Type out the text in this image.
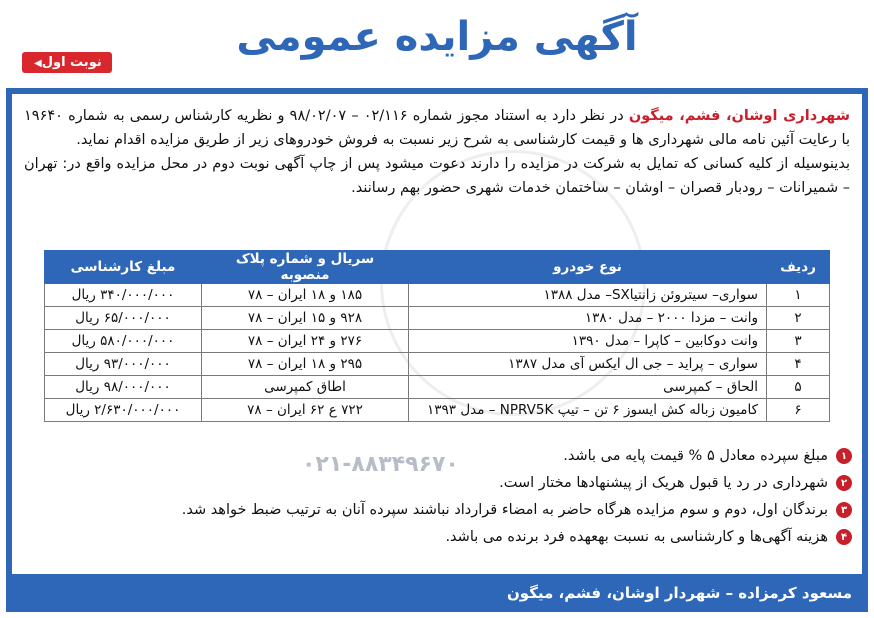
آگهی مزایده عمومی
نوبت اول◀

شهرداری اوشان، فشم، میگون در نظر دارد به استناد مجوز شماره ۰۲/۱۱۶ – ۹۸/۰۲/۰۷ و نظریه کارشناس رسمی به شماره ۱۹۶۴۰ با رعایت آئین نامه مالی شهرداری ها و قیمت کارشناسی به شرح زیر نسبت به فروش خودروهای زیر از طریق مزایده اقدام نماید.

بدینوسیله از کلیه کسانی که تمایل به شرکت در مزایده را دارند دعوت میشود پس از چاپ آگهی نوبت دوم در محل مزایده واقع در: تهران – شمیرانات – رودبار قصران – اوشان – ساختمان خدمات شهری حضور بهم رسانند.

ردیف	نوع خودرو	سریال و شماره پلاک منصوبه	مبلغ کارشناسی
۱	سواری– سیتروئن زانتیاSX– مدل ۱۳۸۸	۱۸۵ و ۱۸ ایران – ۷۸	۳۴۰/۰۰۰/۰۰۰ ریال
۲	وانت – مزدا ۲۰۰۰ – مدل ۱۳۸۰	۹۲۸ و ۱۵ ایران – ۷۸	۶۵/۰۰۰/۰۰۰ ریال
۳	وانت دوکابین – کاپرا – مدل ۱۳۹۰	۲۷۶ و ۲۴ ایران – ۷۸	۵۸۰/۰۰۰/۰۰۰ ریال
۴	سواری – پراید – جی ال ایکس آی مدل ۱۳۸۷	۲۹۵ و ۱۸ ایران – ۷۸	۹۳/۰۰۰/۰۰۰ ریال
۵	الحاق – کمپرسی	اطاق کمپرسی	۹۸/۰۰۰/۰۰۰ ریال
۶	کامیون زباله کش ایسوز ۶ تن – تیپ NPRV5K – مدل ۱۳۹۳	۷۲۲ ع ۶۲ ایران – ۷۸	۲/۶۳۰/۰۰۰/۰۰۰ ریال
۰۲۱-۸۸۳۴۹۶۷۰	۱
مبلغ سپرده معادل ۵ % قیمت پایه می باشد.
۲
شهرداری در رد یا قبول هریک از پیشنهادها مختار است.
۳
برندگان اول، دوم و سوم مزایده هرگاه حاضر به امضاء قرارداد نباشند سپرده آنان به ترتیب ضبط خواهد شد.
۴
هزینه آگهی‌ها و کارشناسی به نسبت بهعهده فرد برنده می باشد.
مسعود کرمزاده – شهردار اوشان، فشم، میگون
